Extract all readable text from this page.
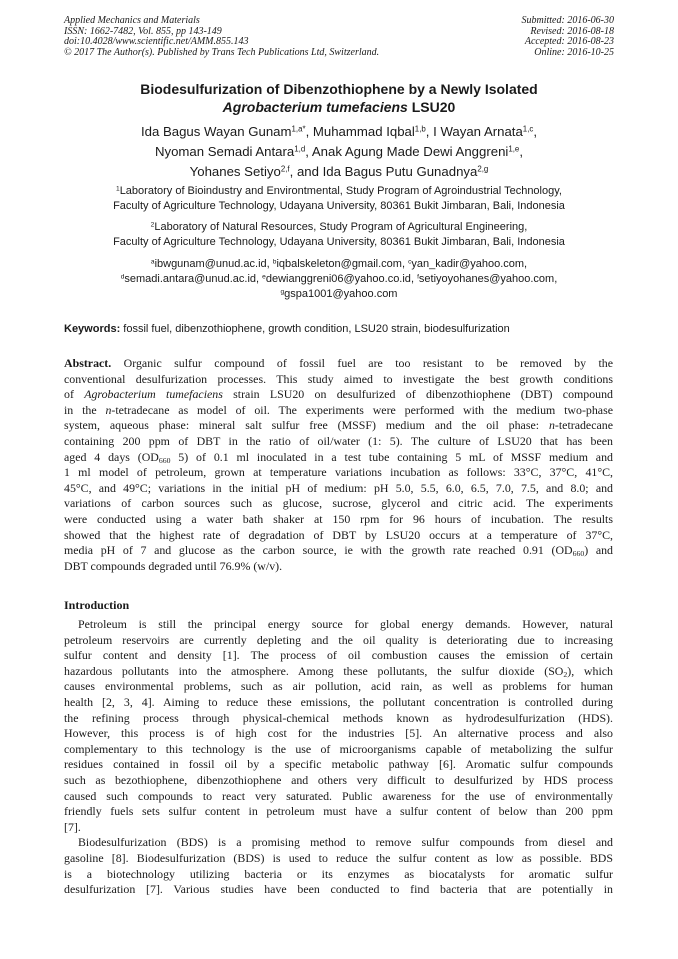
Applied Mechanics and Materials
ISSN: 1662-7482, Vol. 855, pp 143-149
doi:10.4028/www.scientific.net/AMM.855.143
© 2017 The Author(s). Published by Trans Tech Publications Ltd, Switzerland.
Submitted: 2016-06-30
Revised: 2016-08-18
Accepted: 2016-08-23
Online: 2016-10-25
Biodesulfurization of Dibenzothiophene by a Newly Isolated
Agrobacterium tumefaciens LSU20
Ida Bagus Wayan Gunam$^{1,a*}$, Muhammad Iqbal$^{1,b}$, I Wayan Arnata$^{1,c}$,
Nyoman Semadi Antara$^{1,d}$, Anak Agung Made Dewi Anggreni$^{1,e}$,
Yohanes Setiyo$^{2,f}$, and Ida Bagus Putu Gunadnya$^{2,g}$
$^1$Laboratory of Bioindustry and Environtmental, Study Program of Agroindustrial Technology,
Faculty of Agriculture Technology, Udayana University, 80361 Bukit Jimbaran, Bali, Indonesia
$^2$Laboratory of Natural Resources, Study Program of Agricultural Engineering,
Faculty of Agriculture Technology, Udayana University, 80361 Bukit Jimbaran, Bali, Indonesia
$^a$ibwgunam@unud.ac.id, $^b$iqbalskeleton@gmail.com, $^c$yan_kadir@yahoo.com,
$^d$semadi.antara@unud.ac.id, $^e$dewianggreni06@yahoo.co.id, $^f$setiyoyohanes@yahoo.com,
$^g$gspa1001@yahoo.com
Keywords: fossil fuel, dibenzothiophene, growth condition, LSU20 strain, biodesulfurization
Abstract. Organic sulfur compound of fossil fuel are too resistant to be removed by the
conventional desulfurization processes. This study aimed to investigate the best growth conditions
of Agrobacterium tumefaciens strain LSU20 on desulfurized of dibenzothiophene (DBT) compound
in the n-tetradecane as model of oil. The experiments were performed with the medium two-phase
system, aqueous phase: mineral salt sulfur free (MSSF) medium and the oil phase: n-tetradecane
containing 200 ppm of DBT in the ratio of oil/water (1: 5). The culture of LSU20 that has been
aged 4 days ($OD_{660}$ 5) of 0.1 ml inoculated in a test tube containing 5 mL of MSSF medium and
1 ml model of petroleum, grown at temperature variations incubation as follows: 33°C, 37°C, 41°C,
45°C, and 49°C; variations in the initial pH of medium: pH 5.0, 5.5, 6.0, 6.5, 7.0, 7.5, and 8.0; and
variations of carbon sources such as glucose, sucrose, glycerol and citric acid. The experiments
were conducted using a water bath shaker at 150 rpm for 96 hours of incubation. The results
showed that the highest rate of degradation of DBT by LSU20 occurs at a temperature of 37°C,
media pH of 7 and glucose as the carbon source, ie with the growth rate reached 0.91 $(OD_{660})$ and
DBT compounds degraded until 76.9% (w/v).
Introduction

Petroleum is still the principal energy source for global energy demands. However, natural
petroleum reservoirs are currently depleting and the oil quality is deteriorating due to increasing
sulfur content and density [1]. The process of oil combustion causes the emission of certain
hazardous pollutants into the atmosphere. Among these pollutants, the sulfur dioxide $(SO_2)$, which
causes environmental problems, such as air pollution, acid rain, as well as problems for human
health [2, 3, 4]. Aiming to reduce these emissions, the pollutant concentration is controlled during
the refining process through physical-chemical methods known as hydrodesulfurization (HDS).
However, this process is of high cost for the industries [5]. An alternative process and also
complementary to this technology is the use of microorganisms capable of metabolizing the sulfur
residues contained in fossil oil by a specific metabolic pathway [6]. Aromatic sulfur compounds
such as bezothiophene, dibenzothiophene and others very difficult to desulfurized by HDS process
caused such compounds to react very saturated. Public awareness for the use of environmentally
friendly fuels sets sulfur content in petroleum must have a sulfur content of below than 200 ppm
[7].

Biodesulfurization (BDS) is a promising method to remove sulfur compounds from diesel and
gasoline [8]. Biodesulfurization (BDS) is used to reduce the sulfur content as low as possible. BDS
is a biotechnology utilizing bacteria or its enzymes as biocatalysts for aromatic sulfur
desulfurization [7]. Various studies have been conducted to find bacteria that are potentially in
